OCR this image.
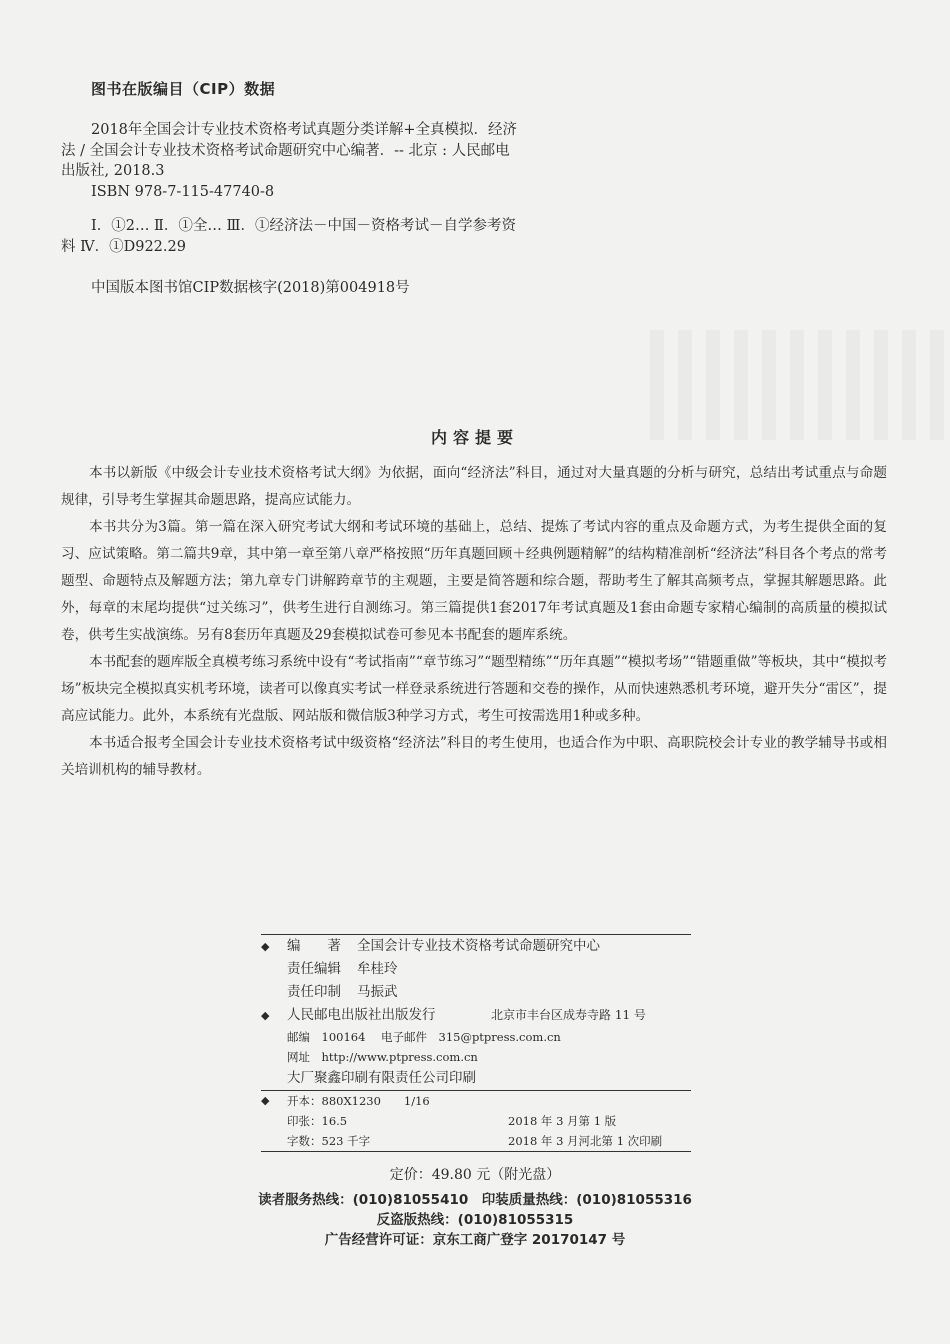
图书在版编目（CIP）数据

2018年全国会计专业技术资格考试真题分类详解+全真模拟．经济法 / 全国会计专业技术资格考试命题研究中心编著．-- 北京 : 人民邮电出版社, 2018.3

ISBN 978-7-115-47740-8

Ⅰ．①2… Ⅱ．①全… Ⅲ．①经济法－中国－资格考试－自学参考资料 Ⅳ．①D922.29

中国版本图书馆CIP数据核字(2018)第004918号

内容提要

本书以新版《中级会计专业技术资格考试大纲》为依据，面向“经济法”科目，通过对大量真题的分析与研究，总结出考试重点与命题规律，引导考生掌握其命题思路，提高应试能力。

本书共分为3篇。第一篇在深入研究考试大纲和考试环境的基础上，总结、提炼了考试内容的重点及命题方式，为考生提供全面的复习、应试策略。第二篇共9章，其中第一章至第八章严格按照“历年真题回顾＋经典例题精解”的结构精准剖析“经济法”科目各个考点的常考题型、命题特点及解题方法；第九章专门讲解跨章节的主观题，主要是简答题和综合题，帮助考生了解其高频考点，掌握其解题思路。此外，每章的末尾均提供“过关练习”，供考生进行自测练习。第三篇提供1套2017年考试真题及1套由命题专家精心编制的高质量的模拟试卷，供考生实战演练。另有8套历年真题及29套模拟试卷可参见本书配套的题库系统。

本书配套的题库版全真模考练习系统中设有“考试指南”“章节练习”“题型精练”“历年真题”“模拟考场”“错题重做”等板块，其中“模拟考场”板块完全模拟真实机考环境，读者可以像真实考试一样登录系统进行答题和交卷的操作，从而快速熟悉机考环境，避开失分“雷区”，提高应试能力。此外，本系统有光盘版、网站版和微信版3种学习方式，考生可按需选用1种或多种。

本书适合报考全国会计专业技术资格考试中级资格“经济法”科目的考生使用，也适合作为中职、高职院校会计专业的教学辅导书或相关培训机构的辅导教材。

◆ 编　　著 全国会计专业技术资格考试命题研究中心
责任编辑 牟桂玲
责任印制 马振武
◆ 人民邮电出版社出版发行	北京市丰台区成寿寺路 11 号
邮编　100164 电子邮件　315@ptpress.com.cn
网址　http://www.ptpress.com.cn
大厂聚鑫印刷有限责任公司印刷
◆ 开本：880X1230　　1/16
印张：16.5	2018 年 3 月第 1 版
字数：523 千字	2018 年 3 月河北第 1 次印刷
定价：49.80 元（附光盘）
读者服务热线：(010)81055410　印装质量热线：(010)81055316
反盗版热线：(010)81055315
广告经营许可证：京东工商广登字 20170147 号
